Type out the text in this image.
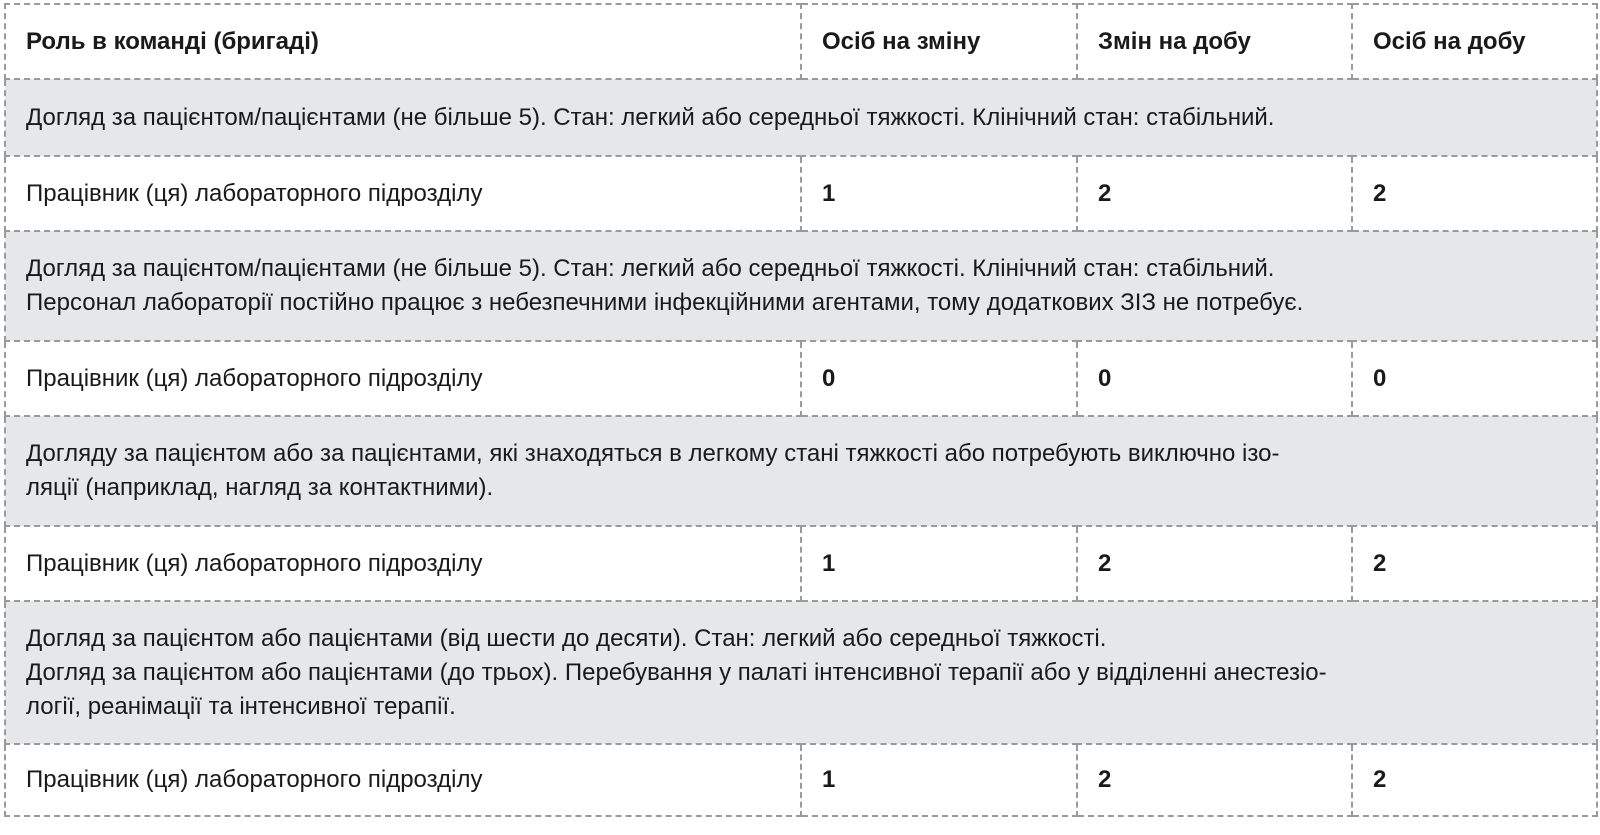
Роль в команді (бригаді)	Осіб на зміну	Змін на добу	Осіб на добу

Догляд за пацієнтом/пацієнтами (не більше 5). Стан: легкий або середньої тяжкості. Клінічний стан: стабільний.			

Працівник (ця) лабораторного підрозділу	1	2	2

Догляд за пацієнтом/пацієнтами (не більше 5). Стан: легкий або середньої тяжкості. Клінічний стан: стабільний.
Персонал лабораторії постійно працює з небезпечними інфекційними агентами, тому додаткових ЗІЗ не потребує.			

Працівник (ця) лабораторного підрозділу	0	0	0

Догляду за пацієнтом або за пацієнтами, які знаходяться в легкому стані тяжкості або потребують виключно ізо-
ляції (наприклад, нагляд за контактними).			

Працівник (ця) лабораторного підрозділу	1	2	2

Догляд за пацієнтом або пацієнтами (від шести до десяти). Стан: легкий або середньої тяжкості.
Догляд за пацієнтом або пацієнтами (до трьох). Перебування у палаті інтенсивної терапії або у відділенні анестезіо-
логії, реанімації та інтенсивної терапії.			

Працівник (ця) лабораторного підрозділу	1	2	2
